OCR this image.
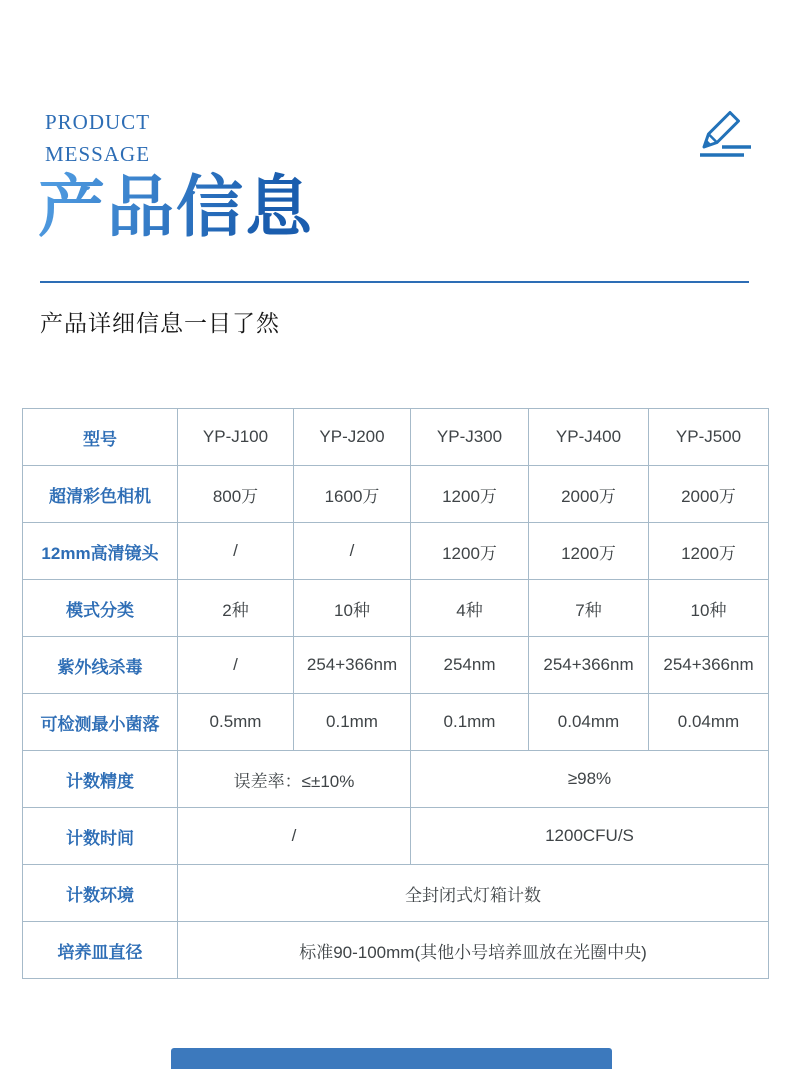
PRODUCT
MESSAGE
产品信息

产品详细信息一目了然

型号	YP-J100	YP-J200	YP-J300	YP-J400	YP-J500
超清彩色相机	800万	1600万	1200万	2000万	2000万
12mm高清镜头	/	/	1200万	1200万	1200万
模式分类	2种	10种	4种	7种	10种
紫外线杀毒	/	254+366nm	254nm	254+366nm	254+366nm
可检测最小菌落	0.5mm	0.1mm	0.1mm	0.04mm	0.04mm
计数精度	误差率：≤±10%		≥98%		
计数时间	/		1200CFU/S		
计数环境	全封闭式灯箱计数				
培养皿直径	标准90-100mm(其他小号培养皿放在光圈中央)				
